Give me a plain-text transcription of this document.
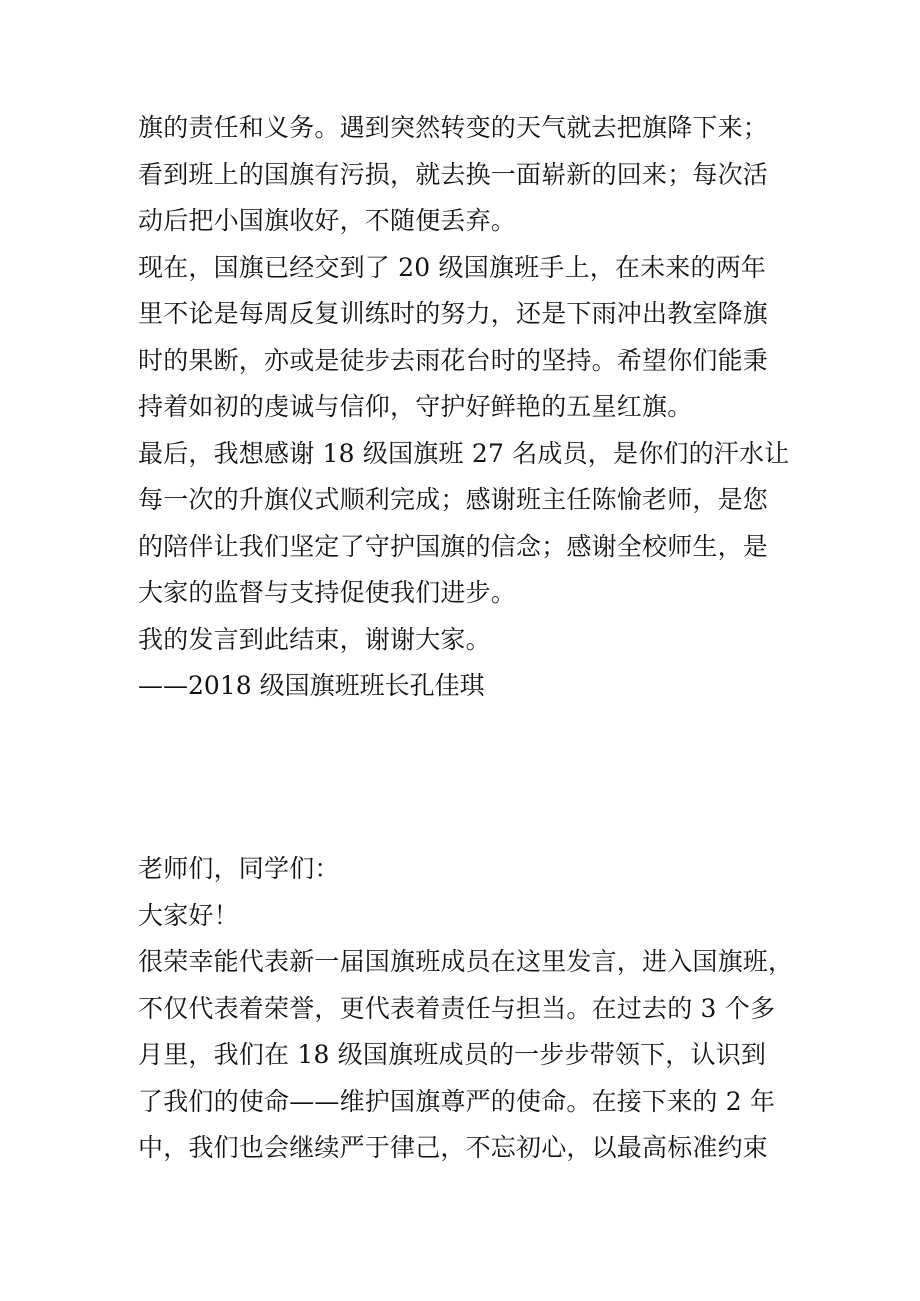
旗的责任和义务。遇到突然转变的天气就去把旗降下来；
看到班上的国旗有污损，就去换一面崭新的回来；每次活
动后把小国旗收好，不随便丢弃。
现在，国旗已经交到了 20 级国旗班手上，在未来的两年
里不论是每周反复训练时的努力，还是下雨冲出教室降旗
时的果断，亦或是徒步去雨花台时的坚持。希望你们能秉
持着如初的虔诚与信仰，守护好鲜艳的五星红旗。
最后，我想感谢 18 级国旗班 27 名成员，是你们的汗水让
每一次的升旗仪式顺利完成；感谢班主任陈愉老师，是您
的陪伴让我们坚定了守护国旗的信念；感谢全校师生，是
大家的监督与支持促使我们进步。
我的发言到此结束，谢谢大家。
——2018 级国旗班班长孔佳琪
老师们，同学们：
大家好！
很荣幸能代表新一届国旗班成员在这里发言，进入国旗班，
不仅代表着荣誉，更代表着责任与担当。在过去的 3 个多
月里，我们在 18 级国旗班成员的一步步带领下，认识到
了我们的使命——维护国旗尊严的使命。在接下来的 2 年
中，我们也会继续严于律己，不忘初心，以最高标准约束
